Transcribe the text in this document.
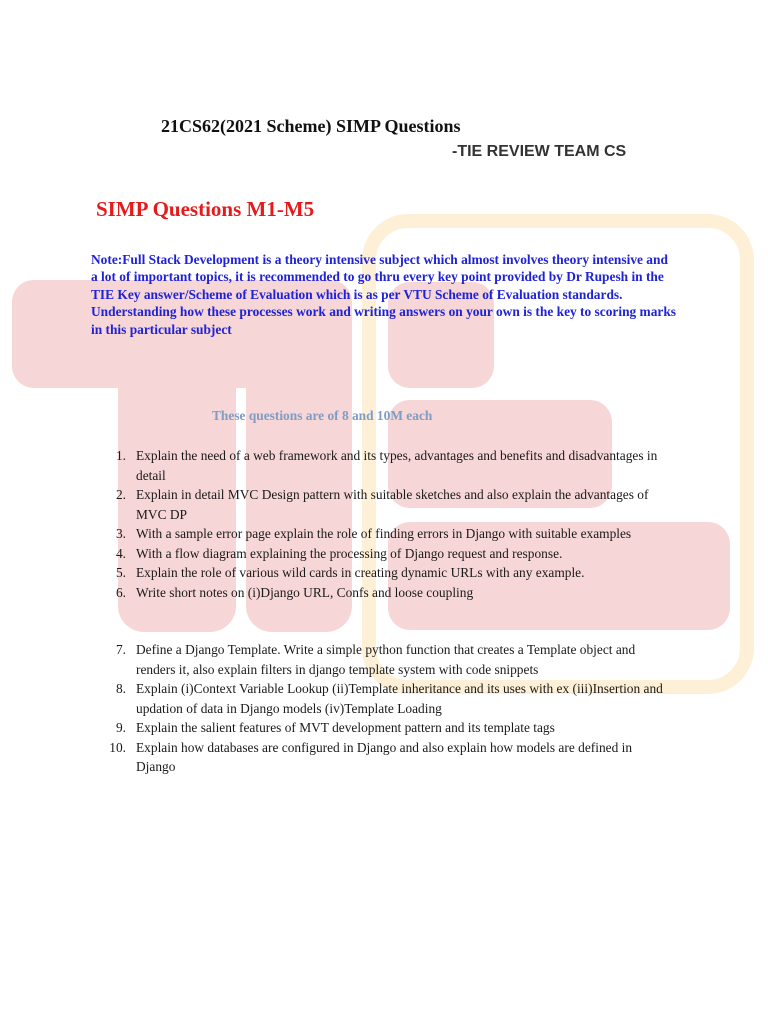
21CS62(2021 Scheme) SIMP Questions
-TIE REVIEW TEAM CS
SIMP Questions M1-M5

Note:Full Stack Development is a theory intensive subject which almost involves theory intensive and a lot of important topics, it is recommended to go thru every key point provided by Dr Rupesh in the TIE Key answer/Scheme of Evaluation which is as per VTU Scheme of Evaluation standards.

Understanding how these processes work and writing answers on your own is the key to scoring marks in this particular subject

These questions are of 8 and 10M each
1. Explain the need of a web framework and its types, advantages and benefits and disadvantages in detail
2. Explain in detail MVC Design pattern with suitable sketches and also explain the advantages of MVC DP
3. With a sample error page explain the role of finding errors in Django with suitable examples
4. With a flow diagram explaining the processing of Django request and response.
5. Explain the role of various wild cards in creating dynamic URLs with any example.
6. Write short notes on (i)Django URL, Confs and loose coupling
7. Define a Django Template. Write a simple python function that creates a Template object and renders it, also explain filters in django template system with code snippets
8. Explain (i)Context Variable Lookup (ii)Template inheritance and its uses with ex (iii)Insertion and updation of data in Django models (iv)Template Loading
9. Explain the salient features of MVT development pattern and its template tags
10. Explain how databases are configured in Django and also explain how models are defined in Django
